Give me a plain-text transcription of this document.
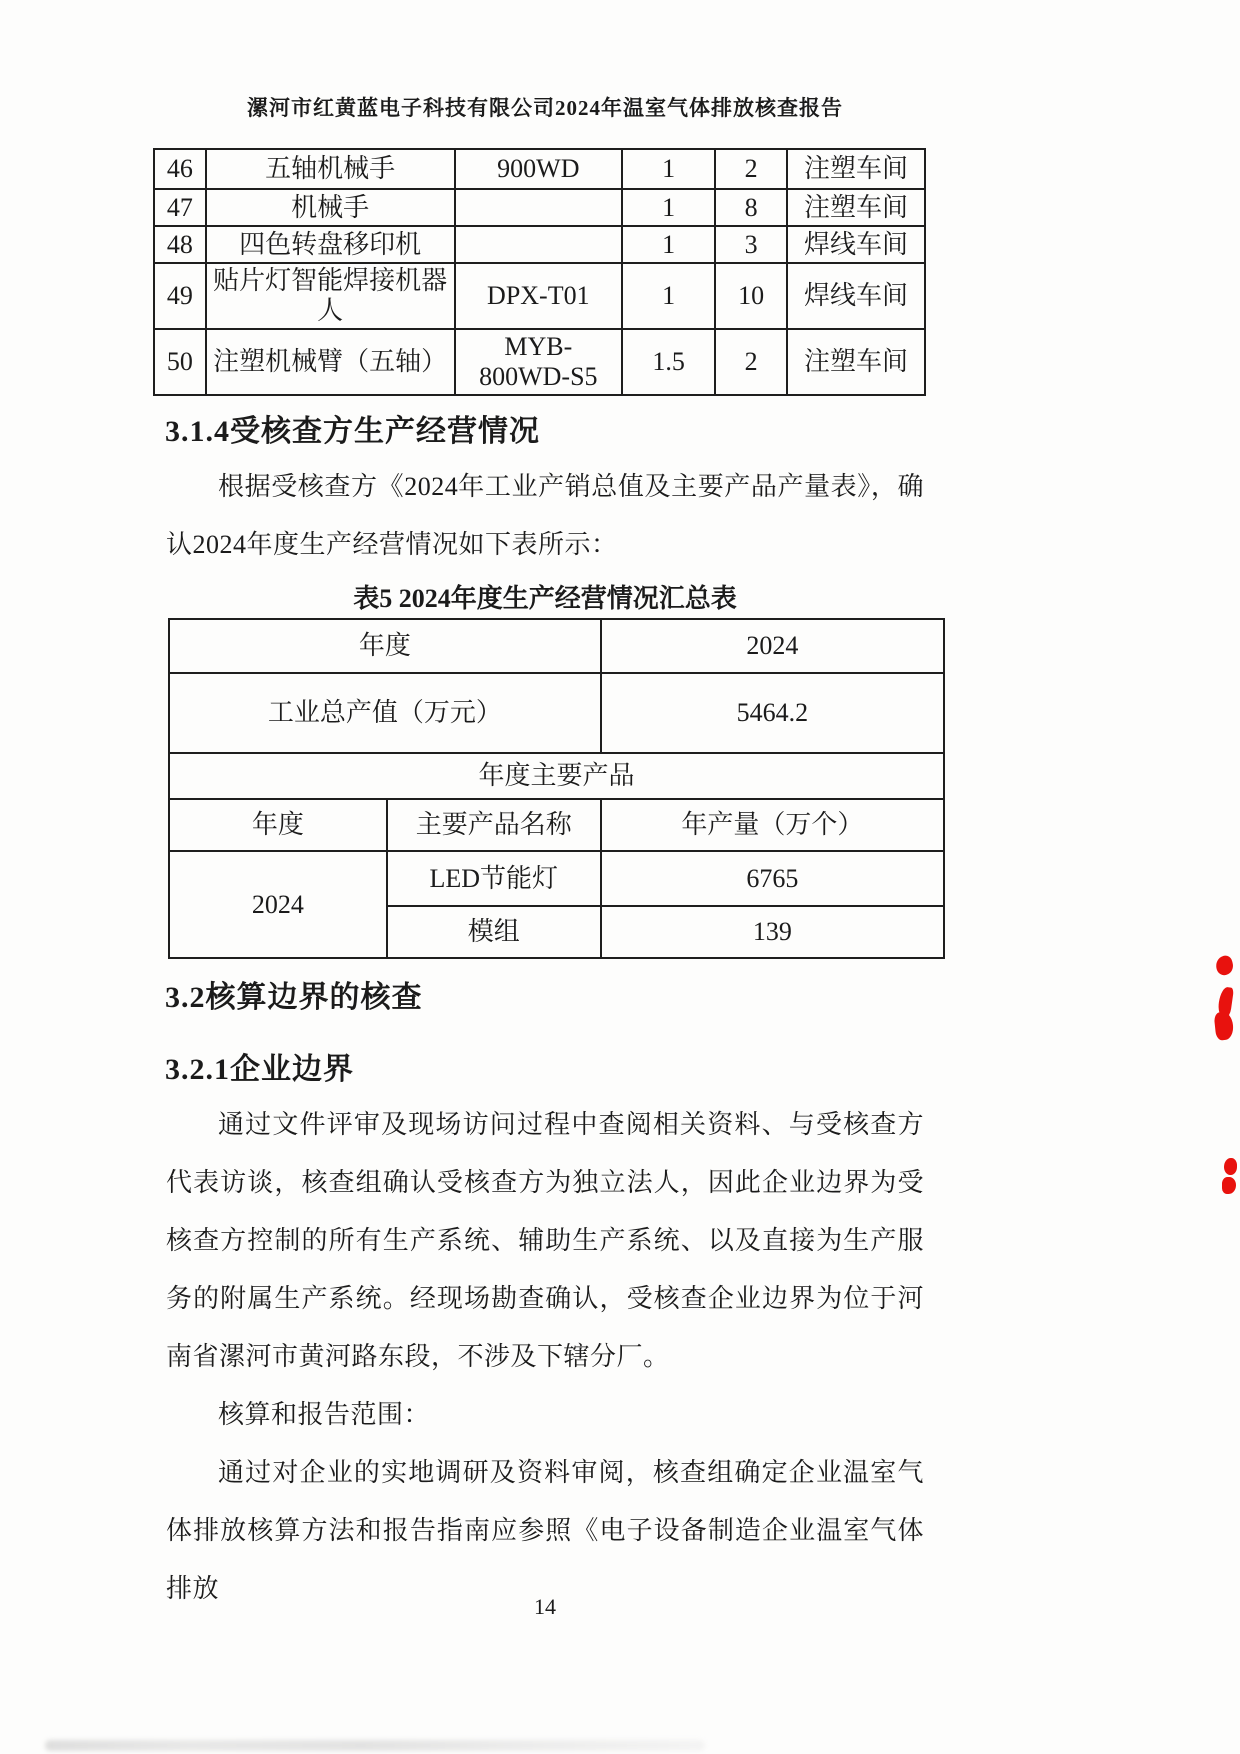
漯河市红黄蓝电子科技有限公司2024年温室气体排放核查报告
46	五轴机械手	900WD	1	2	注塑车间
47	机械手		1	8	注塑车间
48	四色转盘移印机		1	3	焊线车间
49	贴片灯智能焊接机器人	DPX-T01	1	10	焊线车间
50	注塑机械臂（五轴）	MYB-800WD-S5	1.5	2	注塑车间
3.1.4受核查方生产经营情况

根据受核查方《2024年工业产销总值及主要产品产量表》，确认2024年度生产经营情况如下表所示：

表5 2024年度生产经营情况汇总表
年度		2024
工业总产值（万元）		5464.2
年度主要产品		
年度	主要产品名称	年产量（万个）
2024	LED节能灯	6765
	模组	139
3.2核算边界的核查
3.2.1企业边界

通过文件评审及现场访问过程中查阅相关资料、与受核查方代表访谈，核查组确认受核查方为独立法人，因此企业边界为受核查方控制的所有生产系统、辅助生产系统、以及直接为生产服务的附属生产系统。经现场勘查确认，受核查企业边界为位于河南省漯河市黄河路东段，不涉及下辖分厂。

核算和报告范围：

通过对企业的实地调研及资料审阅，核查组确定企业温室气体排放核算方法和报告指南应参照《电子设备制造企业温室气体排放

14
